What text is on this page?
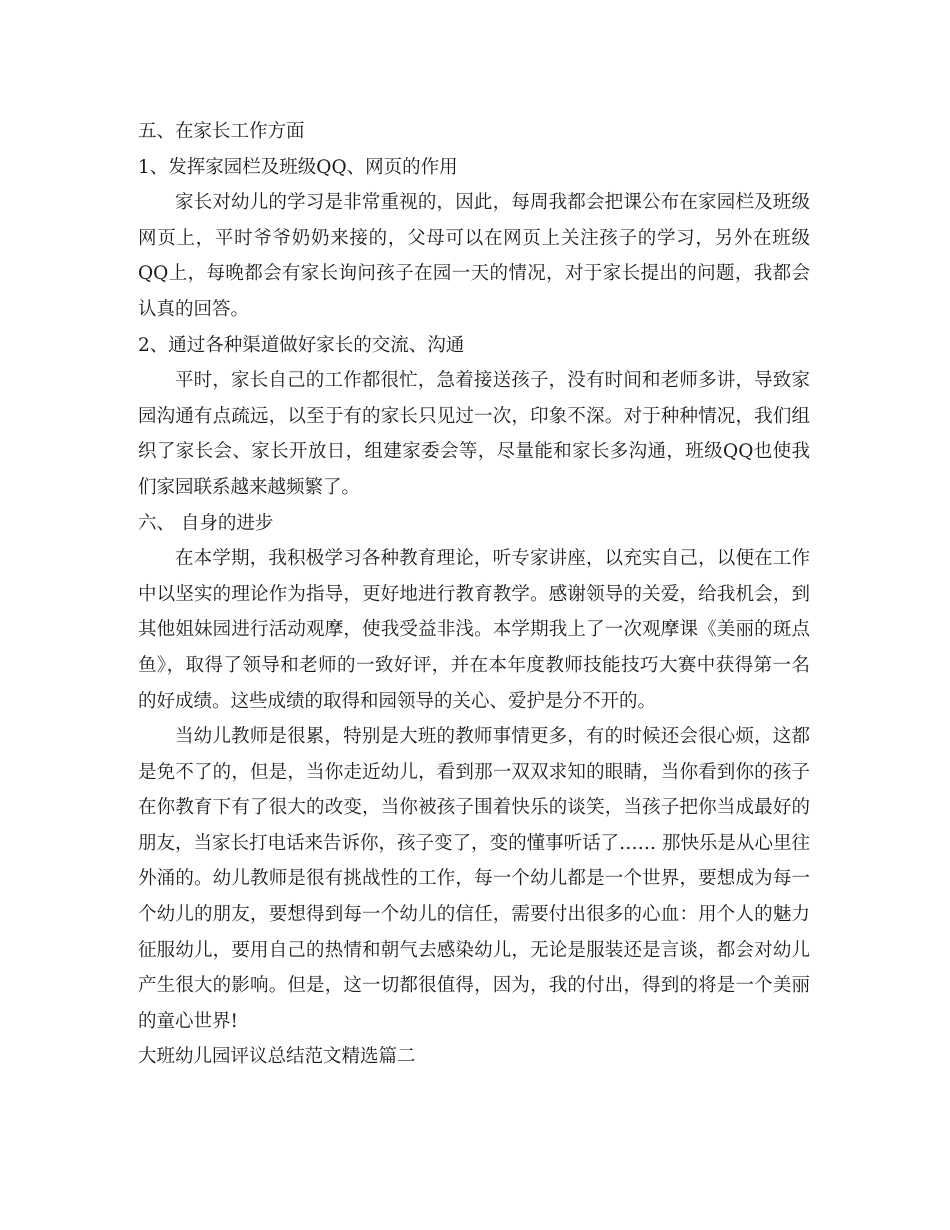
五、在家长工作方面

1、发挥家园栏及班级QQ、网页的作用

家长对幼儿的学习是非常重视的，因此，每周我都会把课公布在家园栏及班级网页上，平时爷爷奶奶来接的，父母可以在网页上关注孩子的学习，另外在班级QQ上，每晚都会有家长询问孩子在园一天的情况，对于家长提出的问题，我都会认真的回答。

2、通过各种渠道做好家长的交流、沟通

平时，家长自己的工作都很忙，急着接送孩子，没有时间和老师多讲，导致家园沟通有点疏远，以至于有的家长只见过一次，印象不深。对于种种情况，我们组织了家长会、家长开放日，组建家委会等，尽量能和家长多沟通，班级QQ也使我们家园联系越来越频繁了。

六、 自身的进步

在本学期，我积极学习各种教育理论，听专家讲座，以充实自己，以便在工作中以坚实的理论作为指导，更好地进行教育教学。感谢领导的关爱，给我机会，到其他姐妹园进行活动观摩，使我受益非浅。本学期我上了一次观摩课《美丽的斑点鱼》，取得了领导和老师的一致好评，并在本年度教师技能技巧大赛中获得第一名的好成绩。这些成绩的取得和园领导的关心、爱护是分不开的。

当幼儿教师是很累，特别是大班的教师事情更多，有的时候还会很心烦，这都是免不了的，但是，当你走近幼儿，看到那一双双求知的眼睛，当你看到你的孩子在你教育下有了很大的改变，当你被孩子围着快乐的谈笑，当孩子把你当成最好的朋友，当家长打电话来告诉你，孩子变了，变的懂事听话了…… 那快乐是从心里往外涌的。幼儿教师是很有挑战性的工作，每一个幼儿都是一个世界，要想成为每一个幼儿的朋友，要想得到每一个幼儿的信任，需要付出很多的心血：用个人的魅力征服幼儿，要用自己的热情和朝气去感染幼儿，无论是服装还是言谈，都会对幼儿产生很大的影响。但是，这一切都很值得，因为，我的付出，得到的将是一个美丽的童心世界!

大班幼儿园评议总结范文精选篇二
